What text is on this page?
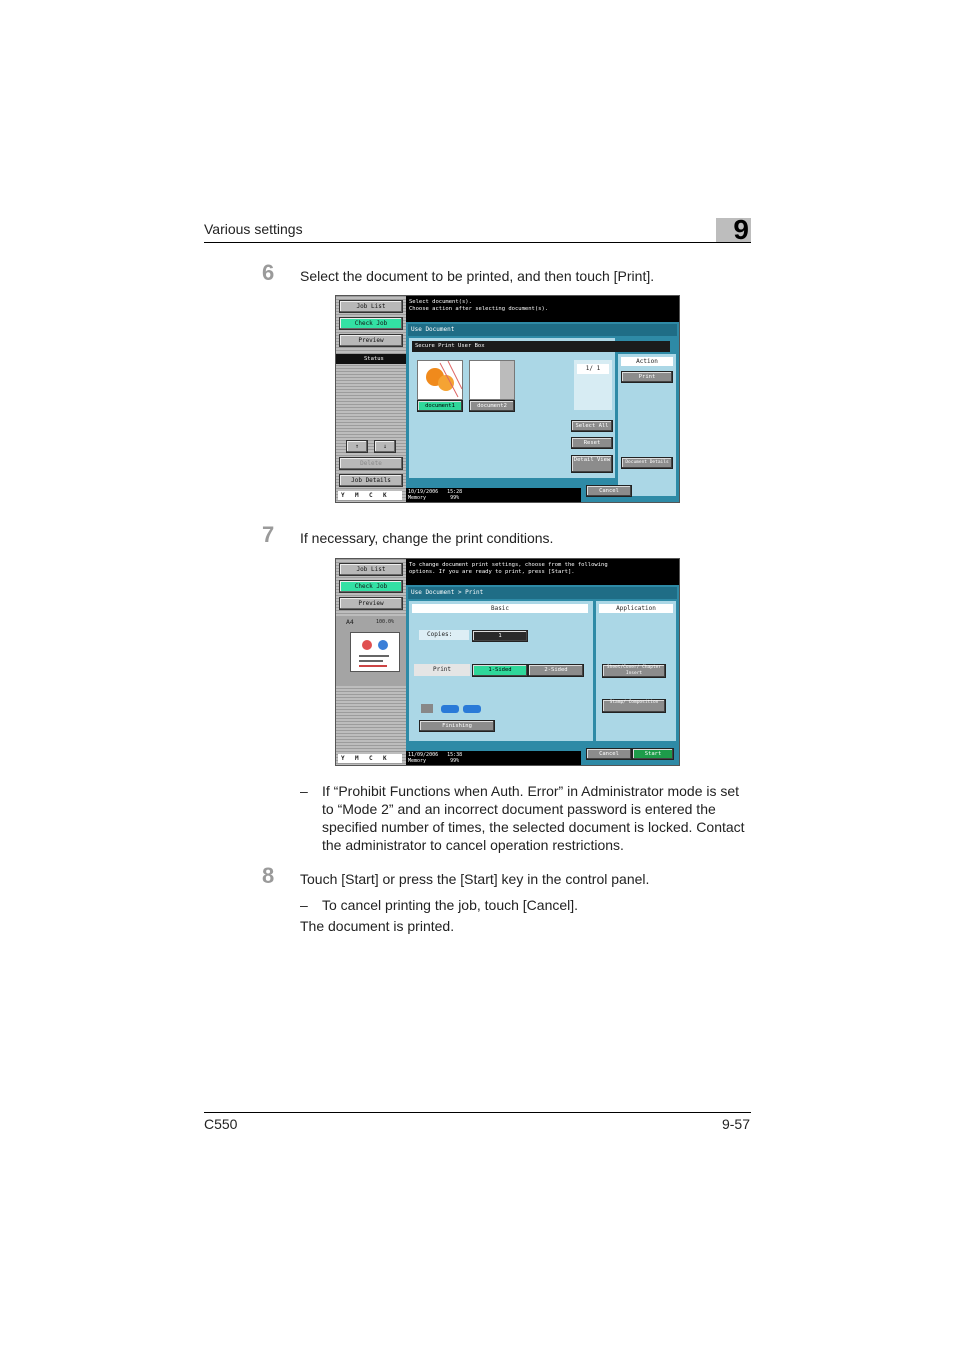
Various settings	9
6 Select the document to be printed, and then touch [Print].
Job List
Check Job
Preview
Status
↑	↓
Delete
Job Details
Y	M	C	K
Select document(s).
Choose action after selecting document(s).
Use Document
Secure Print User Box
document1	document2
1/ 1
Select All
Reset
Detail View
Action
Print
Document Details
Cancel
10/19/2006   15:28
Memory        99%
7 If necessary, change the print conditions.
Job List
Check Job
Preview
A4	100.0%
Y	M	C	K
To change document print settings, choose from the following
options. If you are ready to print, press [Start].
Use Document > Print
Basic
Copies:	1
Print	1-Sided	2-Sided
Finishing
Application
Sheet/Cover/ Chapter Insert
Stamp/ Composition
Cancel	Start
11/09/2006   15:38
Memory        99%
– If “Prohibit Functions when Auth. Error” in Administrator mode is set to “Mode 2” and an incorrect document password is entered the specified number of times, the selected document is locked. Contact the administrator to cancel operation restrictions.
8 Touch [Start] or press the [Start] key in the control panel.
– To cancel printing the job, touch [Cancel].
The document is printed.
C550	9-57
